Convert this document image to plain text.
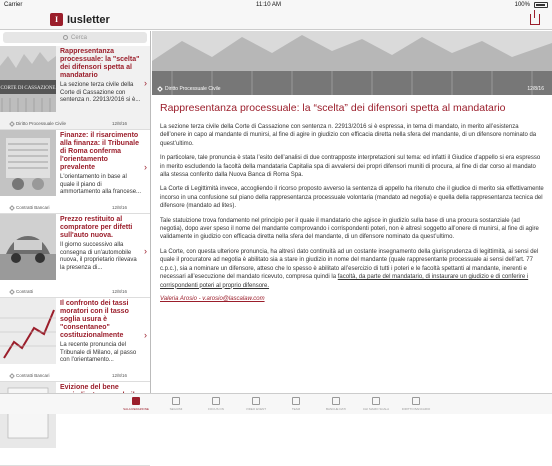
Carrier	11:10 AM	100%
I Iusletter
Cerca
CORTE DI CASSAZIONE
Rappresentanza processuale: la "scelta" dei difensori spetta al mandatario
La sezione terza civile della Corte di Cassazione con sentenza n. 22913/2016 si è...
›
Diritto Processuale Civile	12/8/16
Finanze: il risarcimento alla finanza: il Tribunale di Roma conferma l'orientamento prevalente
L'orientamento in base al quale il piano di ammortamento alla francese...
›
Contratti Bancari	12/8/16
Prezzo restituito al compratore per difetti sull'auto nuova.
Il giorno successivo alla consegna di un'automobile nuova, il proprietario rilevava la presenza di...
›
Contratti	12/8/16
Il confronto dei tassi moratori con il tasso soglia usura è "consentaneo" costituzionalmente
La recente pronuncia del Tribunale di Milano, al passo con l'orientamento...
›
Contratti Bancari	12/8/16
Evizione del bene
Diritto Processuale Civile	12/8/16
Rappresentanza processuale: la “scelta” dei difensori spetta al mandatario

La sezione terza civile della Corte di Cassazione con sentenza n. 22913/2016 si è espressa, in tema di mandato, in merito all’esistenza dell’onere in capo al mandante di munirsi, al fine di agire in giudizio con efficacia diretta nella sfera del mandante, di un difensore nominato da quest’ultimo.

In particolare, tale pronuncia è stata l’esito dell’analisi di due contrapposte interpretazioni sul tema: ed infatti il Giudice d’appello si era espresso in merito escludendo la facoltà della mandataria Capitalia spa di avvalersi dei propri difensori muniti di procura, al fine di dar corso al mandato alla stessa conferito dalla Nuova Banca di Roma Spa.

La Corte di Legittimità invece, accogliendo il ricorso proposto avverso la sentenza di appello ha ritenuto che il giudice di merito sia effettivamente incorso in una confusione sul piano della rappresentanza processuale volontaria (mandato ad negotia) e quella della rappresentanza tecnica del difensore (mandato ad lites).

Tale statuizione trova fondamento nel principio per il quale il mandatario che agisce in giudizio sulla base di una procura sostanziale (ad negotia), dopo aver speso il nome del mandante comprovando i corrispondenti poteri, non è altresì soggetto all’onere di munirsi, al fine di agire validamente in giudizio con efficacia diretta nella sfera del mandante, di un difensore nominato da quest’ultimo.

La Corte, con questa ulteriore pronuncia, ha altresì dato continuità ad un costante insegnamento della giurisprudenza di legittimità, ai sensi del quale il procuratore ad negotia è abilitato sia a stare in giudizio in nome del mandante (quale rappresentante processuale ai sensi dell’art. 77 c.p.c.), sia a nominare un difensore, atteso che lo spesso è abilitato all’esercizio di tutti i poteri e le facoltà spettanti al mandante, inerenti e necessari all’esecuzione del mandato ricevuto, compresa quindi la facoltà, da parte del mandatario, di instaurare un giudizio e di conferire i corrispondenti poteri al proprio difensore.

Valeria Arosio - v.arosio@lascalaw.com
SALA REDAZIONE	SEGUIMI	FOCUS ON	VIDEO EVENT	TEAM	BANCHE DATI	CHI SIAMO SCALA	DIRITTO BANCARIO
